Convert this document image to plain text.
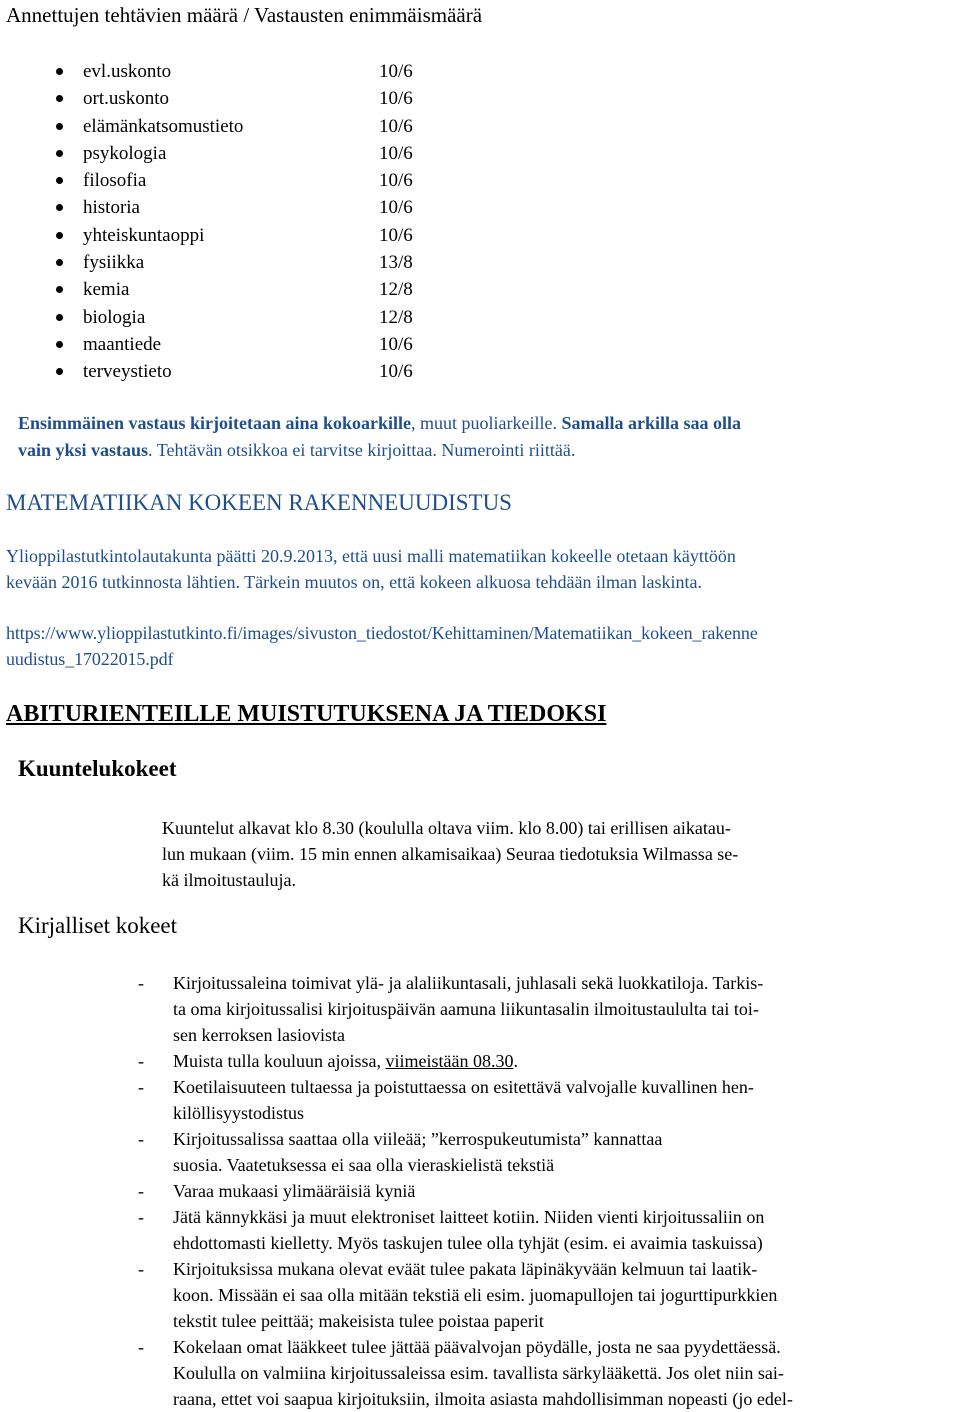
Annettujen tehtävien määrä / Vastausten enimmäismäärä
evl.uskonto	10/6
ort.uskonto	10/6
elämänkatsomustieto	10/6
psykologia	10/6
filosofia	10/6
historia	10/6
yhteiskuntaoppi	10/6
fysiikka	13/8
kemia	12/8
biologia	12/8
maantiede	10/6
terveystieto	10/6
Ensimmäinen vastaus kirjoitetaan aina kokoarkille, muut puoliarkeille. Samalla arkilla saa olla
vain yksi vastaus. Tehtävän otsikkoa ei tarvitse kirjoittaa. Numerointi riittää.
MATEMATIIKAN KOKEEN RAKENNEUUDISTUS
Ylioppilastutkintolautakunta päätti 20.9.2013, että uusi malli matematiikan kokeelle otetaan käyttöön
kevään 2016 tutkinnosta lähtien. Tärkein muutos on, että kokeen alkuosa tehdään ilman laskinta.
https://www.ylioppilastutkinto.fi/images/sivuston_tiedostot/Kehittaminen/Matematiikan_kokeen_rakenne
uudistus_17022015.pdf
ABITURIENTEILLE MUISTUTUKSENA JA TIEDOKSI
Kuuntelukokeet
Kuuntelut alkavat klo 8.30 (koululla oltava viim. klo 8.00) tai erillisen aikatau-
lun mukaan (viim. 15 min ennen alkamisaikaa) Seuraa tiedotuksia Wilmassa se-
kä ilmoitustauluja.
Kirjalliset kokeet
- Kirjoitussaleina toimivat ylä- ja alaliikuntasali, juhlasali sekä luokkatiloja. Tarkis-
ta oma kirjoitussalisi kirjoituspäivän aamuna liikuntasalin ilmoitustaululta tai toi-
sen kerroksen lasiovista
- Muista tulla kouluun ajoissa, viimeistään 08.30.
- Koetilaisuuteen tultaessa ja poistuttaessa on esitettävä valvojalle kuvallinen hen-
kilöllisyystodistus
- Kirjoitussalissa saattaa olla viileää; ”kerrospukeutumista” kannattaa
suosia. Vaatetuksessa ei saa olla vieraskielistä tekstiä
- Varaa mukaasi ylimääräisiä kyniä
- Jätä kännykkäsi ja muut elektroniset laitteet kotiin. Niiden vienti kirjoitussaliin on
ehdottomasti kielletty. Myös taskujen tulee olla tyhjät (esim. ei avaimia taskuissa)
- Kirjoituksissa mukana olevat eväät tulee pakata läpinäkyvään kelmuun tai laatik-
koon. Missään ei saa olla mitään tekstiä eli esim. juomapullojen tai jogurttipurkkien
tekstit tulee peittää; makeisista tulee poistaa paperit
- Kokelaan omat lääkkeet tulee jättää päävalvojan pöydälle, josta ne saa pyydettäessä.
Koululla on valmiina kirjoitussaleissa esim. tavallista särkylääkettä. Jos olet niin sai-
raana, ettet voi saapua kirjoituksiin, ilmoita asiasta mahdollisimman nopeasti (jo edel-
